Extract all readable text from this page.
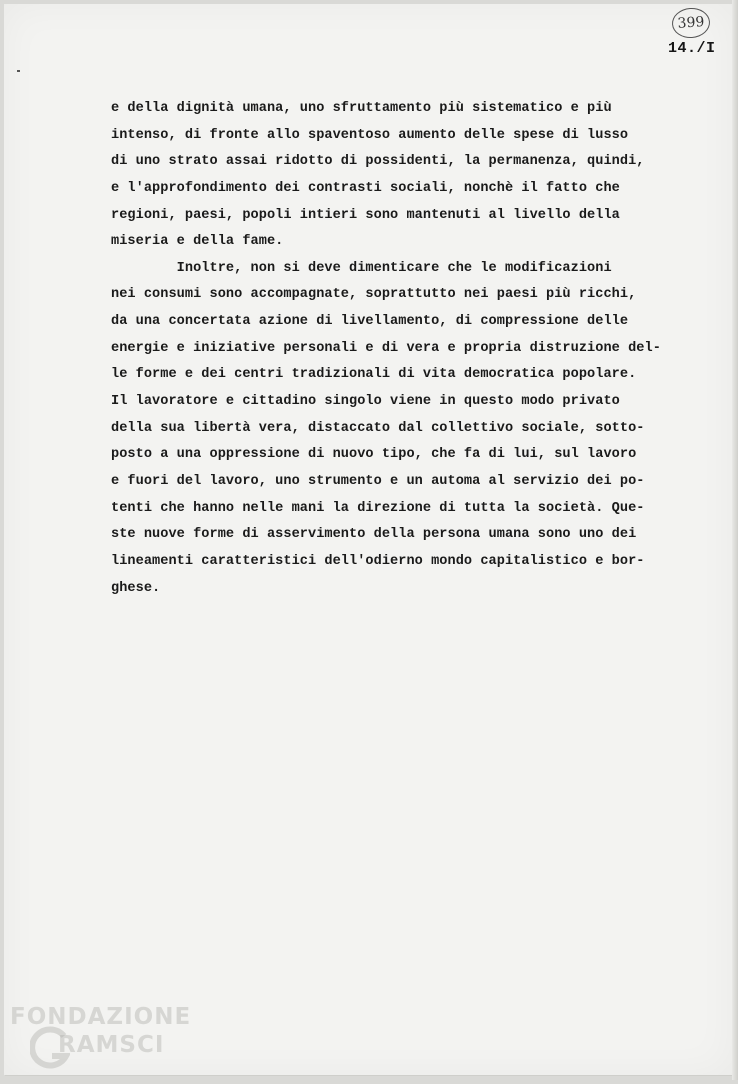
399
14./I
e della dignità umana, uno sfruttamento più sistematico e più
intenso, di fronte allo spaventoso aumento delle spese di lusso
di uno strato assai ridotto di possidenti, la permanenza, quindi,
e l'approfondimento dei contrasti sociali, nonchè il fatto che
regioni, paesi, popoli intieri sono mantenuti al livello della
miseria e della fame.
Inoltre, non si deve dimenticare che le modificazioni
nei consumi sono accompagnate, soprattutto nei paesi più ricchi,
da una concertata azione di livellamento, di compressione delle
energie e iniziative personali e di vera e propria distruzione del-
le forme e dei centri tradizionali di vita democratica popolare.
Il lavoratore e cittadino singolo viene in questo modo privato
della sua libertà vera, distaccato dal collettivo sociale, sotto-
posto a una oppressione di nuovo tipo, che fa di lui, sul lavoro
e fuori del lavoro, uno strumento e un automa al servizio dei po-
tenti che hanno nelle mani la direzione di tutta la società. Que-
ste nuove forme di asservimento della persona umana sono uno dei
lineamenti caratteristici dell'odierno mondo capitalistico e bor-
ghese.
FONDAZIONE
RAMSCI
